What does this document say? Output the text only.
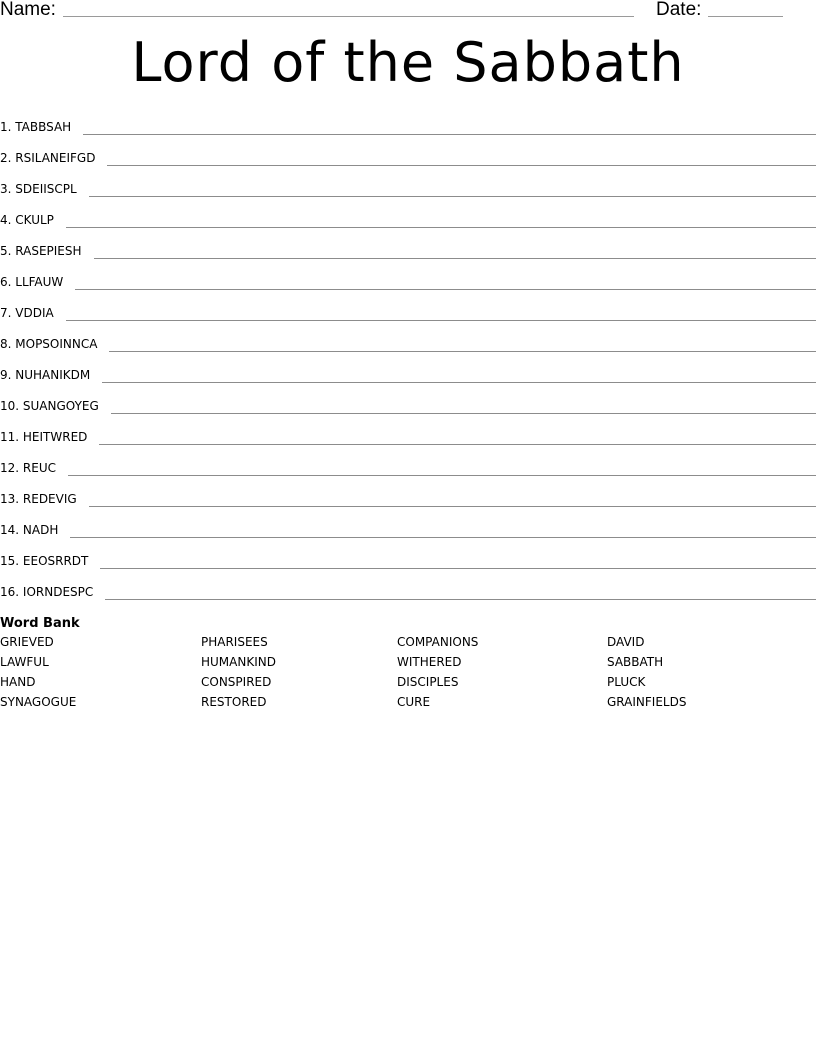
Name:	Date:
Lord of the Sabbath
1. TABBSAH
2. RSILANEIFGD
3. SDEIISCPL
4. CKULP
5. RASEPIESH
6. LLFAUW
7. VDDIA
8. MOPSOINNCA
9. NUHANIKDM
10. SUANGOYEG
11. HEITWRED
12. REUC
13. REDEVIG
14. NADH
15. EEOSRRDT
16. IORNDESPC
Word Bank
GRIEVED	PHARISEES	COMPANIONS	DAVID
LAWFUL	HUMANKIND	WITHERED	SABBATH
HAND	CONSPIRED	DISCIPLES	PLUCK
SYNAGOGUE	RESTORED	CURE	GRAINFIELDS
